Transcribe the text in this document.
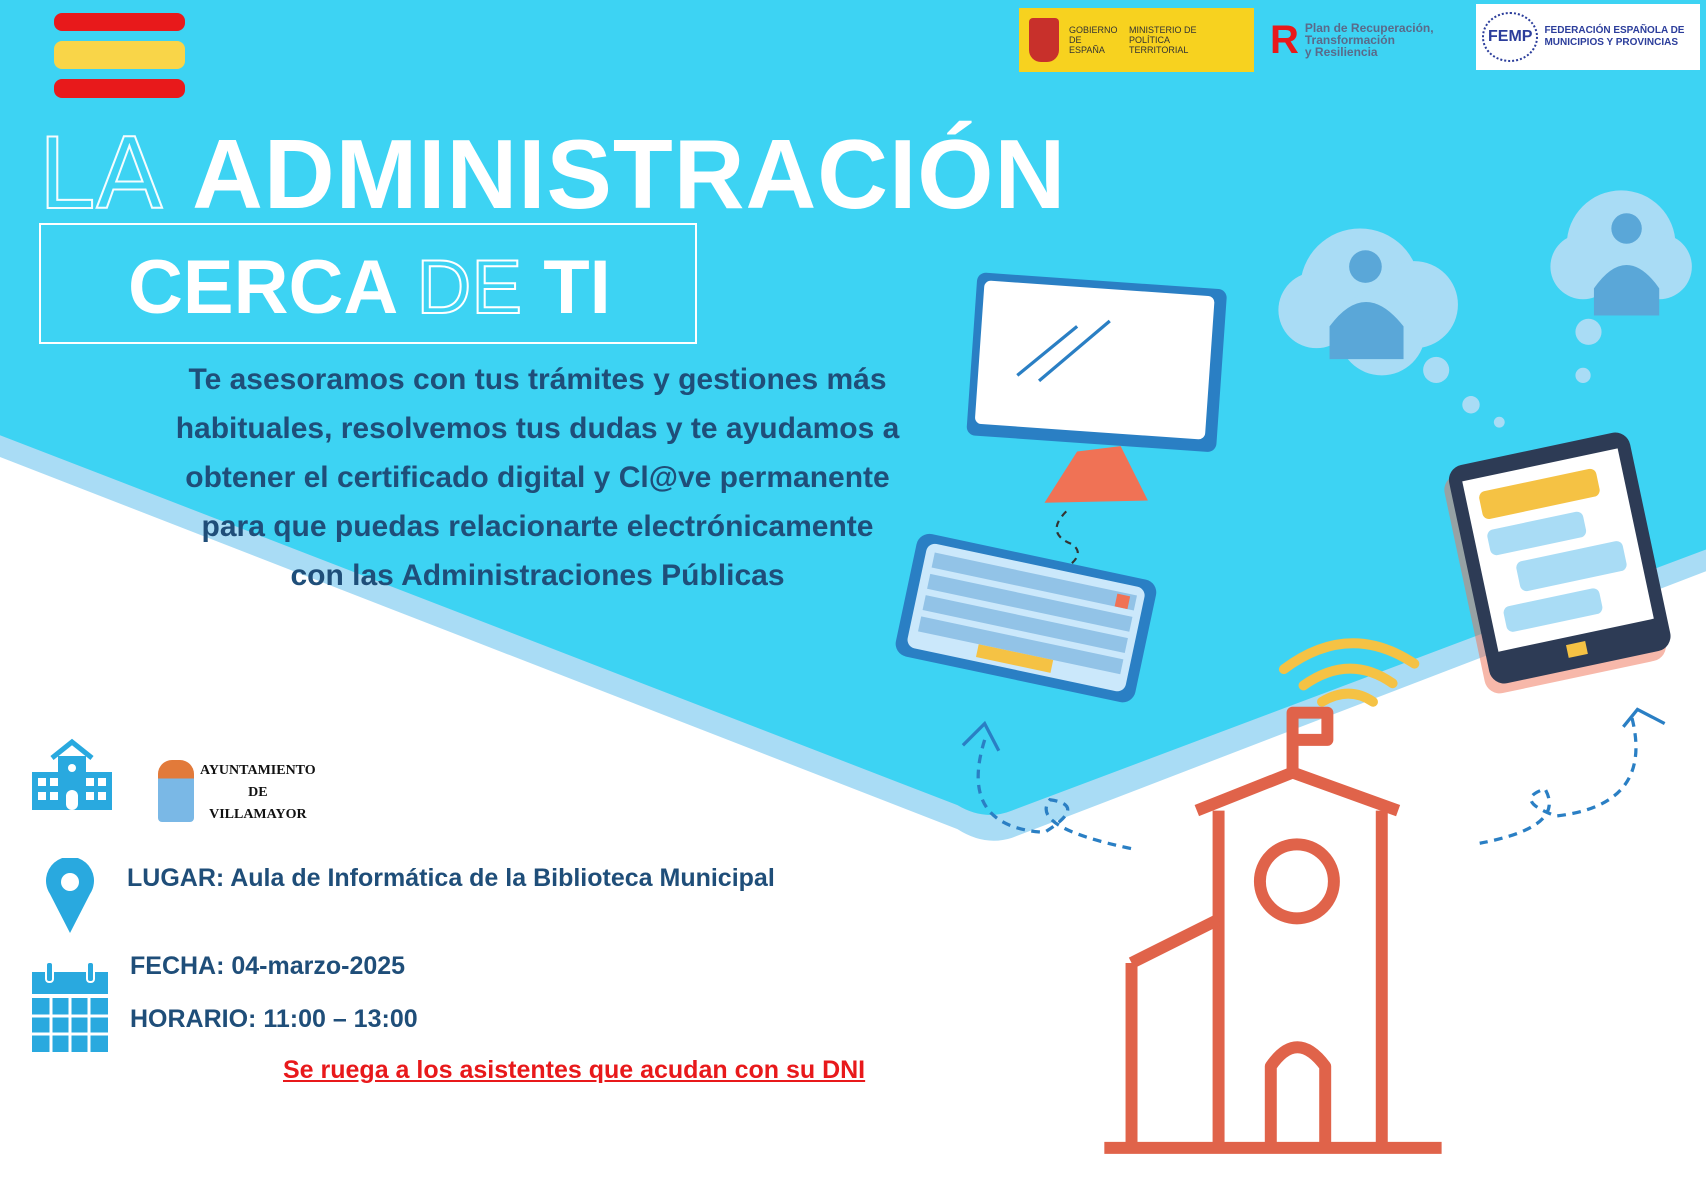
GOBIERNO DE ESPAÑA
MINISTERIO DE POLÍTICA TERRITORIAL	R Plan de Recuperación,
Transformación
y Resiliencia
FEMP	FEDERACIÓN ESPAÑOLA DE
MUNICIPIOS Y PROVINCIAS
LA ADMINISTRACIÓN
CERCA DE TI
Te asesoramos con tus trámites y gestiones más
habituales, resolvemos tus dudas y te ayudamos a
obtener el certificado digital y Cl@ve permanente
para que puedas relacionarte electrónicamente
con las Administraciones Públicas
AYUNTAMIENTO
DE
VILLAMAYOR
LUGAR: Aula de Informática de la Biblioteca Municipal
FECHA: 04-marzo-2025
HORARIO: 11:00 – 13:00
Se ruega a los asistentes que acudan con su DNI
